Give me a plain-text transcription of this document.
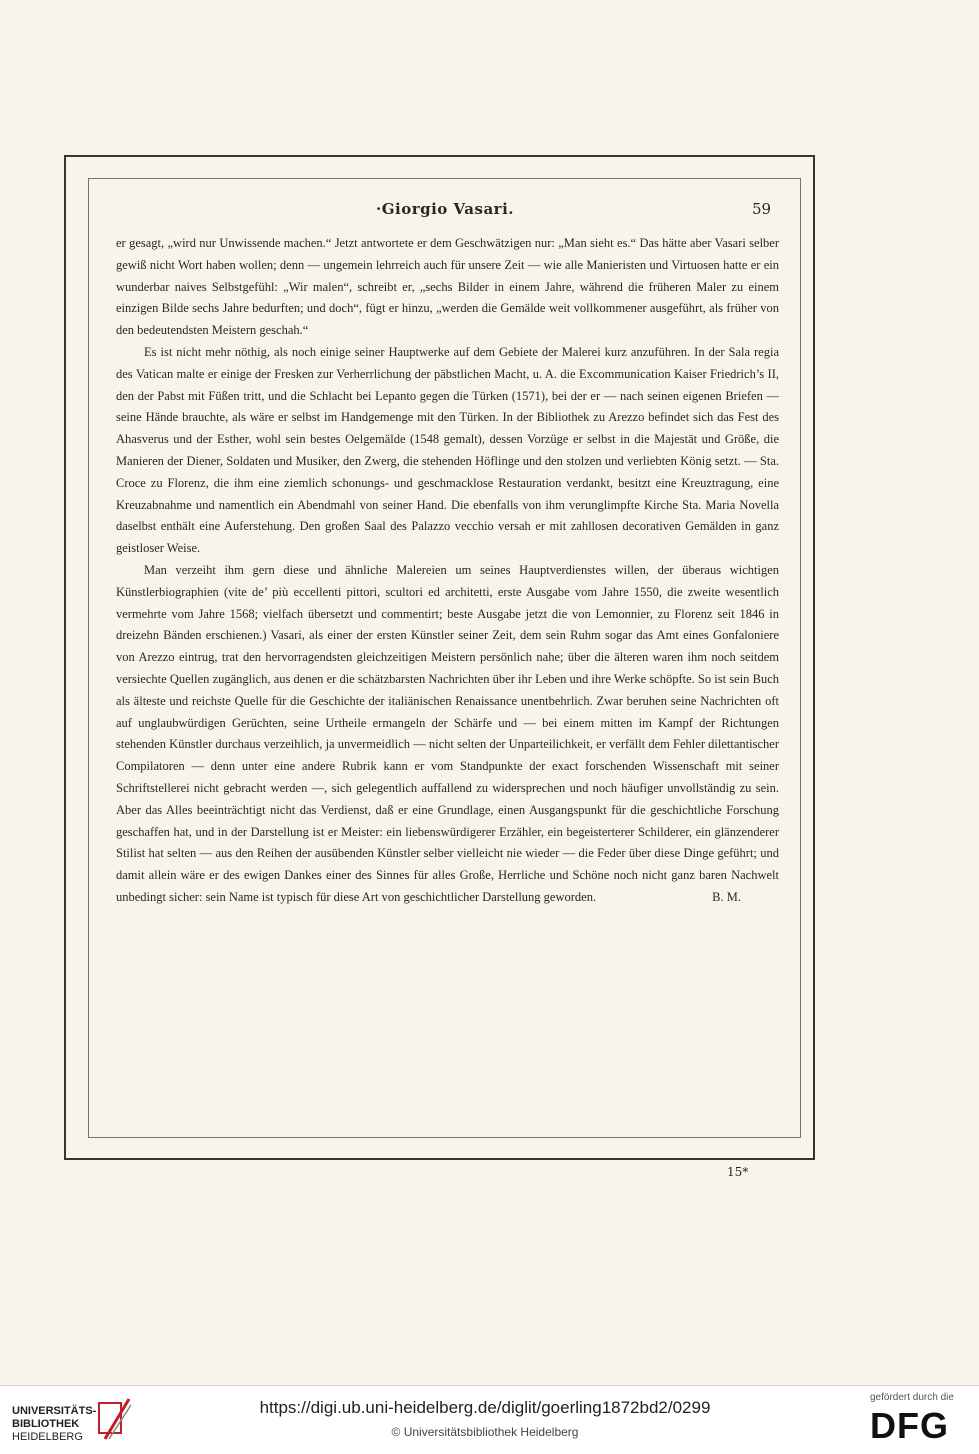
·Giorgio Vasari.	59

er gesagt, „wird nur Unwissende machen.“ Jetzt antwortete er dem Geschwätzigen nur: „Man sieht es.“ Das hätte aber Vasari selber gewiß nicht Wort haben wollen; denn — ungemein lehrreich auch für unsere Zeit — wie alle Manieristen und Virtuosen hatte er ein wunderbar naives Selbstgefühl: „Wir malen“, schreibt er, „sechs Bilder in einem Jahre, während die früheren Maler zu einem einzigen Bilde sechs Jahre bedurften; und doch“, fügt er hinzu, „werden die Gemälde weit vollkommener ausgeführt, als früher von den bedeutendsten Meistern geschah.“

Es ist nicht mehr nöthig, als noch einige seiner Hauptwerke auf dem Gebiete der Malerei kurz anzuführen. In der Sala regia des Vatican malte er einige der Fresken zur Verherrlichung der päbstlichen Macht, u. A. die Excommunication Kaiser Friedrich’s II, den der Pabst mit Füßen tritt, und die Schlacht bei Lepanto gegen die Türken (1571), bei der er — nach seinen eigenen Briefen — seine Hände brauchte, als wäre er selbst im Handgemenge mit den Türken. In der Bibliothek zu Arezzo befindet sich das Fest des Ahasverus und der Esther, wohl sein bestes Oelgemälde (1548 gemalt), dessen Vorzüge er selbst in die Majestät und Größe, die Manieren der Diener, Soldaten und Musiker, den Zwerg, die stehenden Höflinge und den stolzen und verliebten König setzt. — Sta. Croce zu Florenz, die ihm eine ziemlich schonungs- und geschmacklose Restauration verdankt, besitzt eine Kreuztragung, eine Kreuzabnahme und namentlich ein Abendmahl von seiner Hand. Die ebenfalls von ihm verunglimpfte Kirche Sta. Maria Novella daselbst enthält eine Auferstehung. Den großen Saal des Palazzo vecchio versah er mit zahllosen decorativen Gemälden in ganz geistloser Weise.

Man verzeiht ihm gern diese und ähnliche Malereien um seines Hauptverdienstes willen, der überaus wichtigen Künstlerbiographien (vite de’ più eccellenti pittori, scultori ed architetti, erste Ausgabe vom Jahre 1550, die zweite wesentlich vermehrte vom Jahre 1568; vielfach übersetzt und commentirt; beste Ausgabe jetzt die von Lemonnier, zu Florenz seit 1846 in dreizehn Bänden erschienen.) Vasari, als einer der ersten Künstler seiner Zeit, dem sein Ruhm sogar das Amt eines Gonfaloniere von Arezzo eintrug, trat den hervorragendsten gleichzeitigen Meistern persönlich nahe; über die älteren waren ihm noch seitdem versiechte Quellen zugänglich, aus denen er die schätzbarsten Nachrichten über ihr Leben und ihre Werke schöpfte. So ist sein Buch als älteste und reichste Quelle für die Geschichte der italiänischen Renaissance unentbehrlich. Zwar beruhen seine Nachrichten oft auf unglaubwürdigen Gerüchten, seine Urtheile ermangeln der Schärfe und — bei einem mitten im Kampf der Richtungen stehenden Künstler durchaus verzeihlich, ja unvermeidlich — nicht selten der Unparteilichkeit, er verfällt dem Fehler dilettantischer Compilatoren — denn unter eine andere Rubrik kann er vom Standpunkte der exact forschenden Wissenschaft mit seiner Schriftstellerei nicht gebracht werden —, sich gelegentlich auffallend zu widersprechen und noch häufiger unvollständig zu sein. Aber das Alles beeinträchtigt nicht das Verdienst, daß er eine Grundlage, einen Ausgangspunkt für die geschichtliche Forschung geschaffen hat, und in der Darstellung ist er Meister: ein liebenswürdigerer Erzähler, ein begeisterterer Schilderer, ein glänzenderer Stilist hat selten — aus den Reihen der ausübenden Künstler selber vielleicht nie wieder — die Feder über diese Dinge geführt; und damit allein wäre er des ewigen Dankes einer des Sinnes für alles Große, Herrliche und Schöne noch nicht ganz baren Nachwelt unbedingt sicher: sein Name ist typisch für diese Art von geschichtlicher Darstellung geworden.	B. M.

15*
UNIVERSITÄTS-
BIBLIOTHEK
HEIDELBERG
https://digi.ub.uni-heidelberg.de/diglit/goerling1872bd2/0299
© Universitätsbibliothek Heidelberg
gefördert durch die
DFG
